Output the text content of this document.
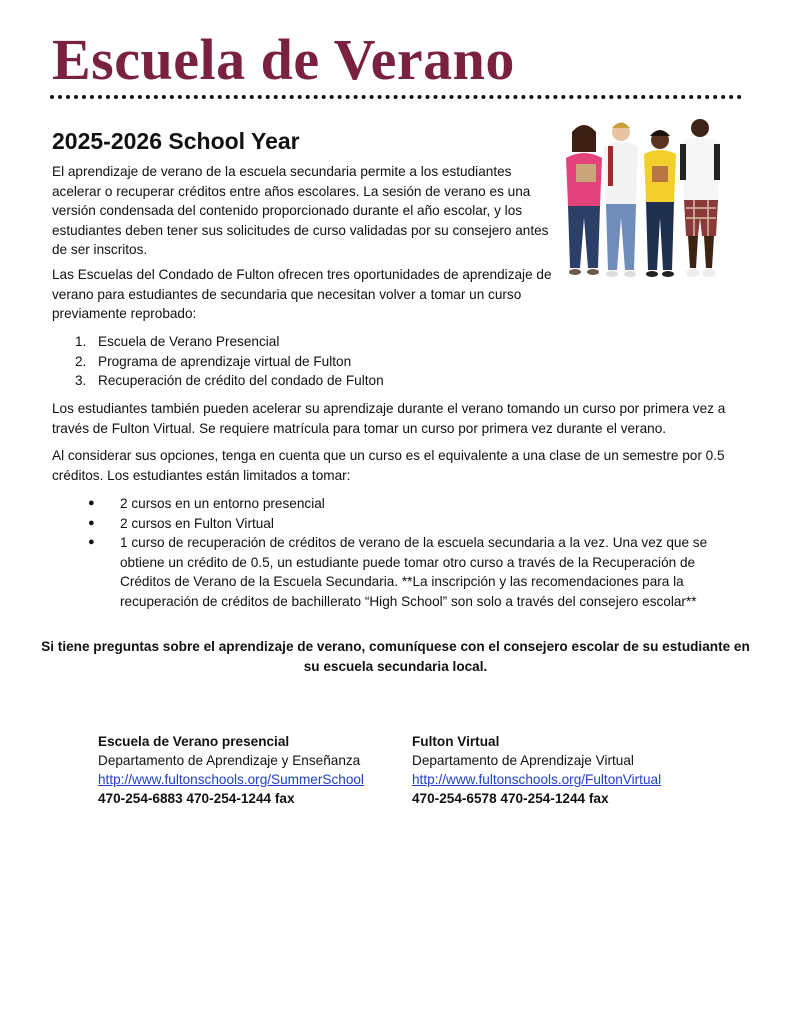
Escuela de Verano
2025-2026 School Year

El aprendizaje de verano de la escuela secundaria permite a los estudiantes acelerar o recuperar créditos entre años escolares. La sesión de verano es una versión condensada del contenido proporcionado durante el año escolar, y los estudiantes deben tener sus solicitudes de curso validadas por su consejero antes de ser inscritos.

Las Escuelas del Condado de Fulton ofrecen tres oportunidades de aprendizaje de verano para estudiantes de secundaria que necesitan volver a tomar un curso previamente reprobado:

1. Escuela de Verano Presencial
2. Programa de aprendizaje virtual de Fulton
3. Recuperación de crédito del condado de Fulton

Los estudiantes también pueden acelerar su aprendizaje durante el verano tomando un curso por primera vez a través de Fulton Virtual. Se requiere matrícula para tomar un curso por primera vez durante el verano.

Al considerar sus opciones, tenga en cuenta que un curso es el equivalente a una clase de un semestre por 0.5 créditos. Los estudiantes están limitados a tomar:

●	2 cursos en un entorno presencial
●	2 cursos en Fulton Virtual
●	1 curso de recuperación de créditos de verano de la escuela secundaria a la vez. Una vez que se obtiene un crédito de 0.5, un estudiante puede tomar otro curso a través de la Recuperación de Créditos de Verano de la Escuela Secundaria. **La inscripción y las recomendaciones para la recuperación de créditos de bachillerato “High School” son solo a través del consejero escolar**

Si tiene preguntas sobre el aprendizaje de verano, comuníquese con el consejero escolar de su estudiante en su escuela secundaria local.

Escuela de Verano presencial
Departamento de Aprendizaje y Enseñanza
http://www.fultonschools.org/SummerSchool
470-254-6883 470-254-1244 fax
Fulton Virtual
Departamento de Aprendizaje Virtual
http://www.fultonschools.org/FultonVirtual
470-254-6578 470-254-1244 fax
